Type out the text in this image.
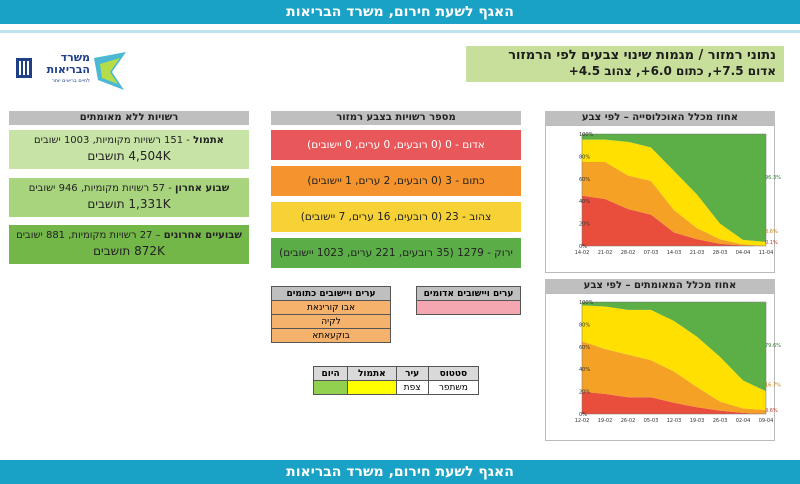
האגף לשעת חירום, משרד הבריאות
משרד
הבריאות
לחיים בריאים יותר
נתוני רמזור / מגמות שינוי צבעים לפי הרמזור
אדום 7.5+, כתום 6.0+, צהוב 4.5+
רשויות ללא מאומתים	מספר רשויות בצבע רמזור	אחוז מכלל האוכלוסייה – לפי צבע
אחוז מכלל המאומתים – לפי צבע
אתמול - 151 רשויות מקומיות, 1003 ישובים
4,504K תושבים
שבוע אחרון - 57 רשויות מקומיות, 946 ישובים
1,331K תושבים
שבועיים אחרונים – 27 רשויות מקומיות, 881 ישובים
872K תושבים
אדום - 0 (0 רובעים, 0 ערים, 0 יישובים)
כתום - 3 (0 רובעים, 2 ערים, 1 יישובים)
צהוב - 23 (0 רובעים, 16 ערים, 7 יישובים)
ירוק - 1279 (35 רובעים, 221 ערים, 1023 יישובים)
ערים ויישובים אדומים

ערים ויישובים כתומים
אבו קורינאת
לקיה
בוקעאתא
סטטוס	עיר	אתמול	היום
משתפר	צפת		
0%
20%
40%
60%
80%
100%
14-02 21-02 28-02 07-03 14-03 21-03 28-03 04-04 11-04
96.3%
3.6%
0.1%
0%
20%
40%
60%
80%
100%
12-02 19-02 26-02 05-03 12-03 19-03 26-03 02-04 09-04
79.6%
16.7%
3.6%
האגף לשעת חירום, משרד הבריאות
